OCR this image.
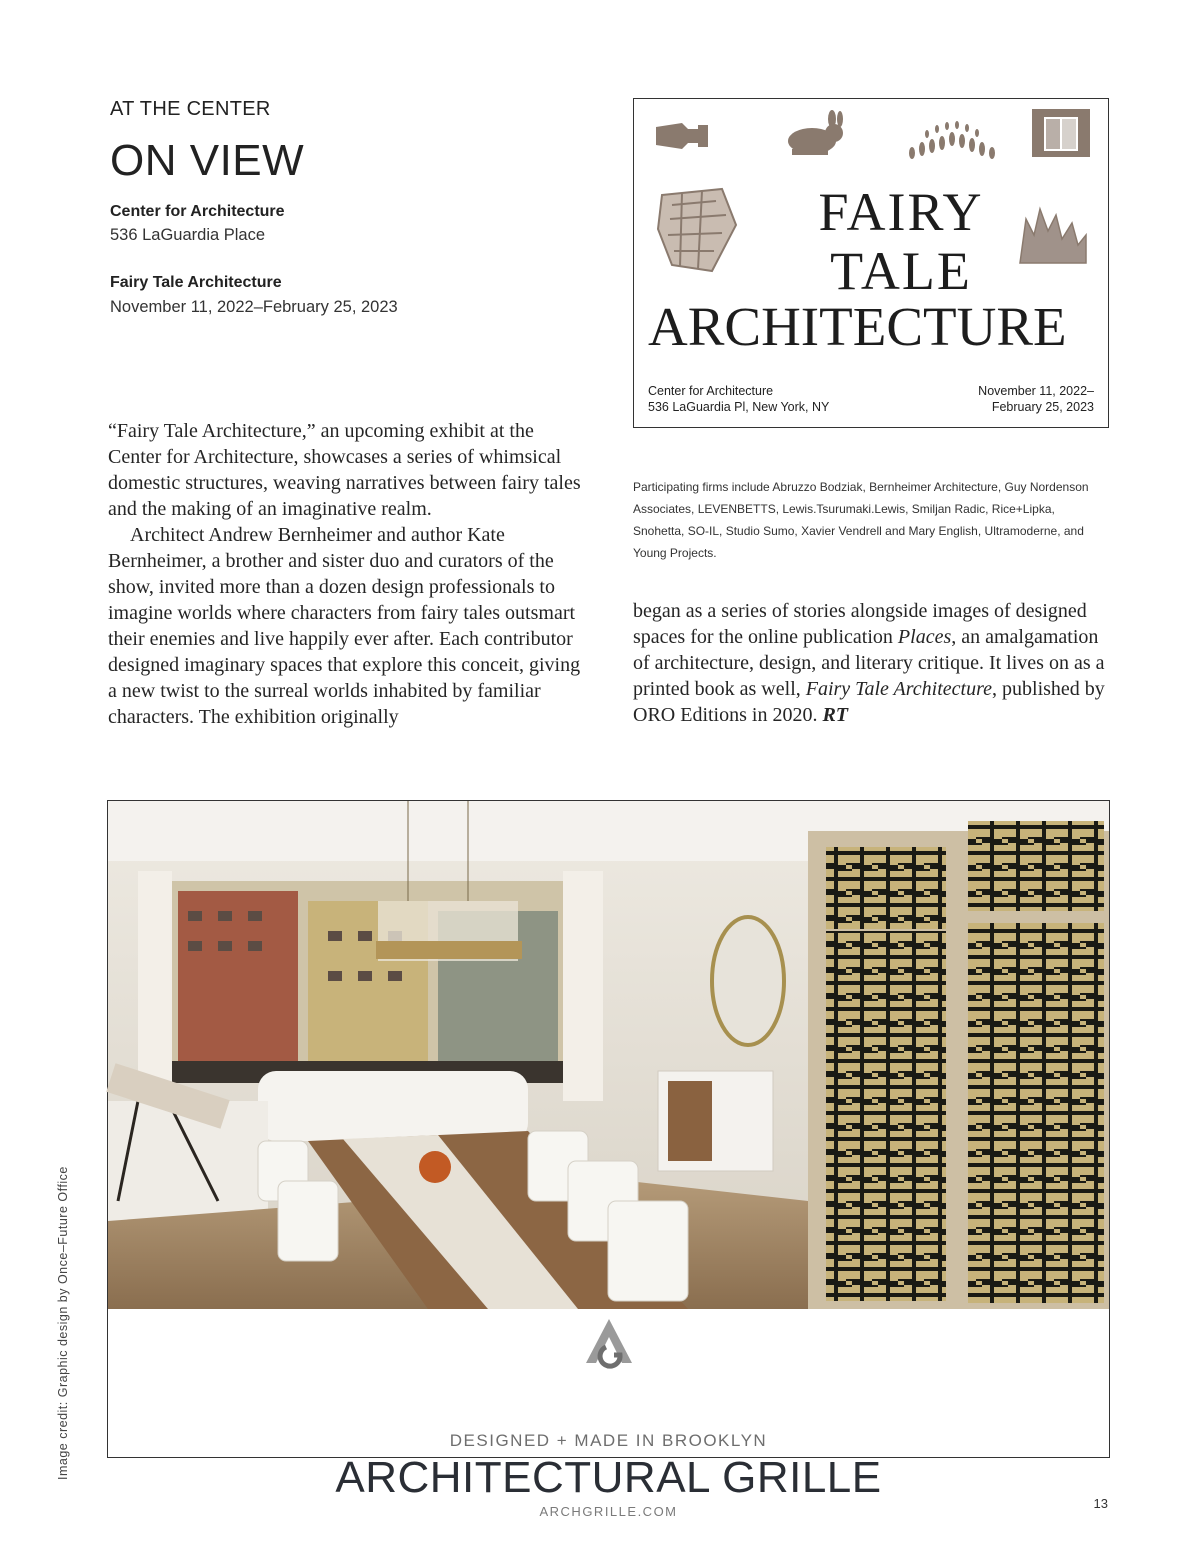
AT THE CENTER
ON VIEW
Center for Architecture
536 LaGuardia Place
Fairy Tale Architecture
November 11, 2022–February 25, 2023
FAIRY
TALE
ARCHITECTURE
Center for Architecture
536 LaGuardia Pl, New York, NY
November 11, 2022–
February 25, 2023
Participating firms include Abruzzo Bodziak, Bernheimer Architecture, Guy Nordenson Associates, LEVENBETTS, Lewis.Tsurumaki.Lewis, Smiljan Radic, Rice+Lipka, Snohetta, SO-IL, Studio Sumo, Xavier Vendrell and Mary English, Ultramoderne, and Young Projects.

“Fairy Tale Architecture,” an upcoming exhibit at the Center for Architecture, showcases a series of whimsical domestic structures, weaving narratives between fairy tales and the making of an imaginative realm.

Architect Andrew Bernheimer and author Kate Bernheimer, a brother and sister duo and curators of the show, invited more than a dozen design professionals to imagine worlds where characters from fairy tales outsmart their enemies and live happily ever after. Each contributor designed imaginary spaces that explore this conceit, giving a new twist to the surreal worlds inhabited by familiar characters. The exhibition originally

began as a series of stories alongside images of designed spaces for the online publication Places, an amalgamation of architecture, design, and literary critique. It lives on as a printed book as well, Fairy Tale Architecture, published by ORO Editions in 2020. RT

DESIGNED + MADE IN BROOKLYN
ARCHITECTURAL GRILLE
ARCHGRILLE.COM
Image credit: Graphic design by Once–Future Office
13
